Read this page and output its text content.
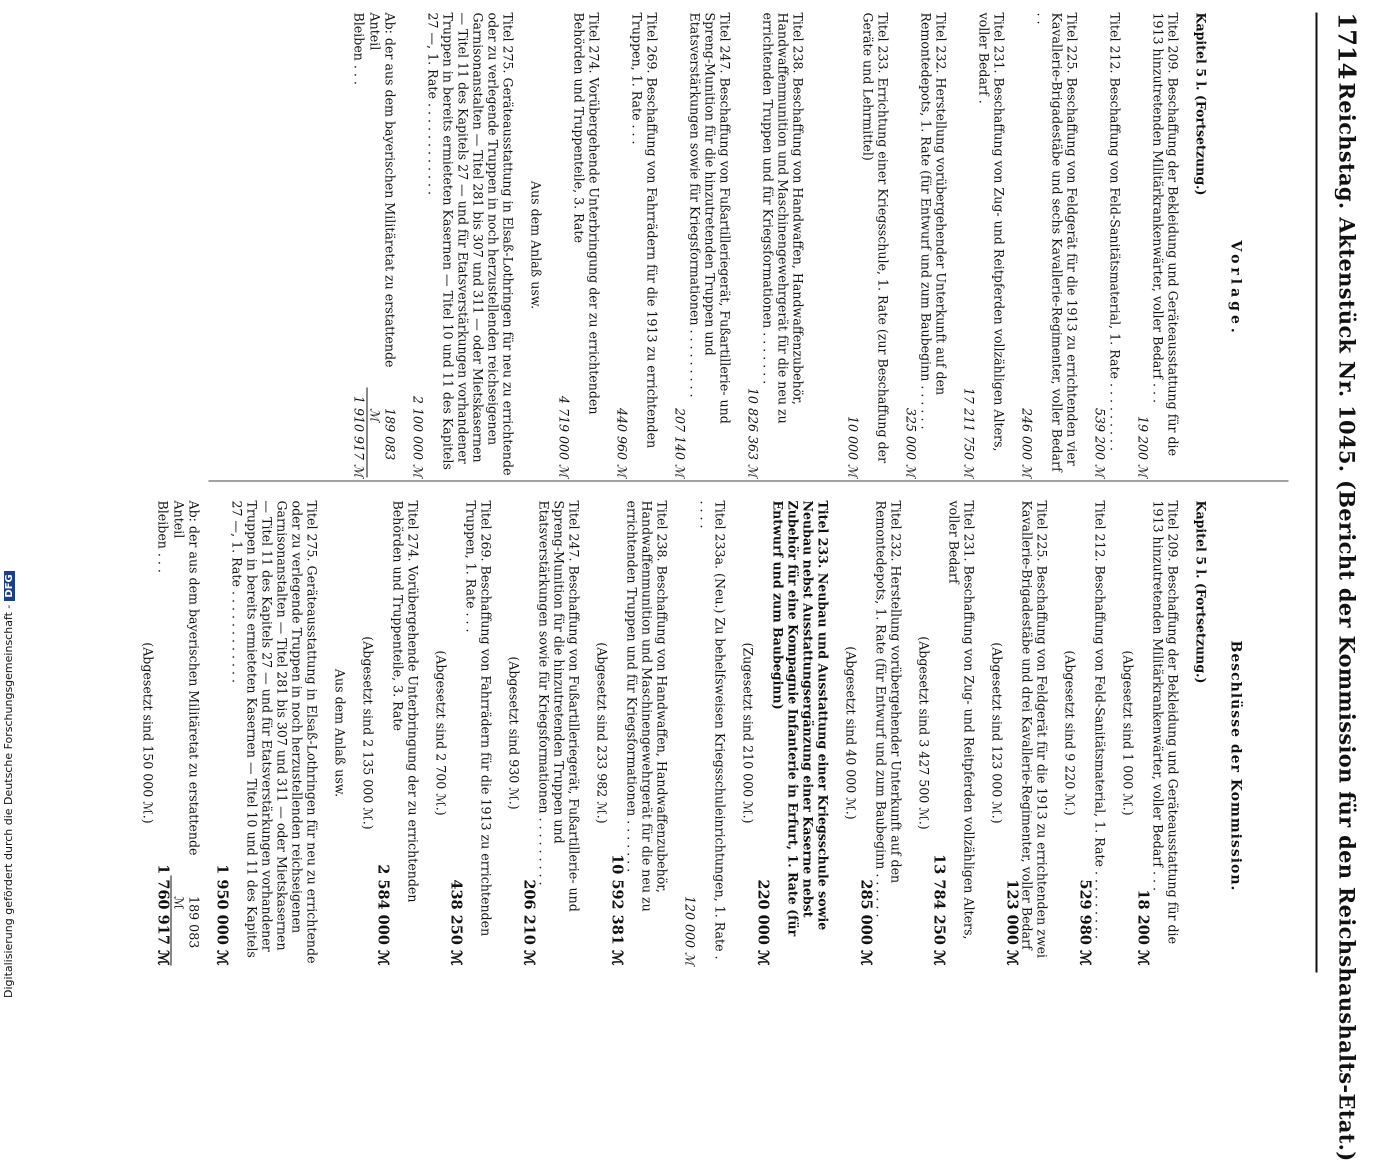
1714
Reichstag. Aktenstück Nr. 1045. (Bericht der Kommission für den Reichshaushalts-Etat.)
Vorlage.
Beschlüsse der Kommission.
Kapitel 5 l. (Fortsetzung.)
Titel 209. Beschaffung der Bekleidung und Geräteausstattung für die 1913 hinzutretenden Militärkrankenwärter, voller Bedarf . . .
19 200 ℳ
Titel 212. Beschaffung von Feld-Sanitätsmaterial, 1. Rate . . . . . . . . .
539 200 ℳ
Titel 225. Beschaffung von Feldgerät für die 1913 zu errichtenden vier Kavallerie-Brigadestäbe und sechs Kavallerie-Regimenter, voller Bedarf . .
246 000 ℳ
Titel 231. Beschaffung von Zug- und Reitpferden vollzähligen Alters, voller Bedarf .
17 211 750 ℳ
Titel 232. Herstellung vorübergehender Unterkunft auf den Remontedepots, 1. Rate (für Entwurf und zum Baubeginn . . . . . .
325 000 ℳ
Titel 233. Errichtung einer Kriegsschule, 1. Rate (zur Beschaffung der Geräte und Lehrmittel)
10 000 ℳ
Titel 238. Beschaffung von Handwaffen, Handwaffenzubehör, Handwaffenmunition und Maschinengewehrgerät für die neu zu errichtenden Truppen und für Kriegsformationen . . . . . . .
10 826 363 ℳ
Titel 247. Beschaffung von Fußartilleriegerät, Fußartillerie- und Spreng-Munition für die hinzutretenden Truppen und Etatsverstärkungen sowie für Kriegsformationen . . . . . . . . .
207 140 ℳ
Titel 269. Beschaffung von Fahrrädern für die 1913 zu errichtenden Truppen, 1. Rate . . .
440 960 ℳ
Titel 274. Vorübergehende Unterbringung der zu errichtenden Behörden und Truppenteile, 3. Rate
4 719 000 ℳ
Aus dem Anlaß usw.
Titel 275. Geräteausstattung in Elsaß-Lothringen für neu zu errichtende oder zu verlegende Truppen in noch herzustellenden reichseigenen Garnisonanstalten — Titel 281 bis 307 und 311 — oder Mietskasernen — Titel 11 des Kapitels 27 — und für Etatsverstärkungen vorhandener Truppen in bereits ermieteten Kasernen — Titel 10 und 11 des Kapitels 27 —, 1. Rate . . . . . . . . . . . .
2 100 000 ℳ
Ab: der aus dem bayerischen Militäretat zu erstattende Anteil
189 083 ℳ
Bleiben . . .
1 910 917 ℳ
Kapitel 5 l. (Fortsetzung.)
Titel 209. Beschaffung der Bekleidung und Geräteausstattung für die 1913 hinzutretenden Militärkrankenwärter, voller Bedarf . . .
18 200 ℳ
(Abgesetzt sind 1 000 ℳ.)
Titel 212. Beschaffung von Feld-Sanitätsmaterial, 1. Rate . . . . . . . . .
529 980 ℳ
(Abgesetzt sind 9 220 ℳ.)
Titel 225. Beschaffung von Feldgerät für die 1913 zu errichtenden zwei Kavallerie-Brigadestäbe und drei Kavallerie-Regimenter, voller Bedarf
123 000 ℳ
(Abgesetzt sind 123 000 ℳ.)
Titel 231. Beschaffung von Zug- und Reitpferden vollzähligen Alters, voller Bedarf
13 784 250 ℳ
(Abgesetzt sind 3 427 500 ℳ.)
Titel 232. Herstellung vorübergehender Unterkunft auf den Remontedepots, 1. Rate (für Entwurf und zum Baubeginn . . . . . .
285 000 ℳ
(Abgesetzt sind 40 000 ℳ.)
Titel 233. Neubau und Ausstattung einer Kriegsschule sowie Neubau nebst Ausstattungsergänzung einer Kaserne nebst Zubehör für eine Kompagnie Infanterie in Erfurt, 1. Rate (für Entwurf und zum Baubeginn)
220 000 ℳ
(Zugesetzt sind 210 000 ℳ.)
Titel 233a. (Neu.) Zu behelfsweisen Kriegsschuleinrichtungen, 1. Rate . . . . .
120 000 ℳ
Titel 238. Beschaffung von Handwaffen, Handwaffenzubehör, Handwaffenmunition und Maschinengewehrgerät für die neu zu errichtenden Truppen und für Kriegsformationen . . . . . . .
10 592 381 ℳ
(Abgesetzt sind 233 982 ℳ.)
Titel 247. Beschaffung von Fußartilleriegerät, Fußartillerie- und Spreng-Munition für die hinzutretenden Truppen und Etatsverstärkungen sowie für Kriegsformationen . . . . . . . . .
206 210 ℳ
(Abgesetzt sind 930 ℳ.)
Titel 269. Beschaffung von Fahrrädern für die 1913 zu errichtenden Truppen, 1. Rate . . .
438 250 ℳ
(Abgesetzt sind 2 700 ℳ.)
Titel 274. Vorübergehende Unterbringung der zu errichtenden Behörden und Truppenteile, 3. Rate
2 584 000 ℳ
(Abgesetzt sind 2 135 000 ℳ.)
Aus dem Anlaß usw.
Titel 275. Geräteausstattung in Elsaß-Lothringen für neu zu errichtende oder zu verlegende Truppen in noch herzustellenden reichseigenen Garnisonanstalten — Titel 281 bis 307 und 311 — oder Mietskasernen — Titel 11 des Kapitels 27 — und für Etatsverstärkungen vorhandener Truppen in bereits ermieteten Kasernen — Titel 10 und 11 des Kapitels 27 —, 1. Rate . . . . . . . . . . . .
1 950 000 ℳ
Ab: der aus dem bayerischen Militäretat zu erstattende Anteil
189 083 ℳ
Bleiben . . .
1 760 917 ℳ
(Abgesetzt sind 150 000 ℳ.)
Digitalisierung gefördert durch die Deutsche Forschungsgemeinschaft -DFG
